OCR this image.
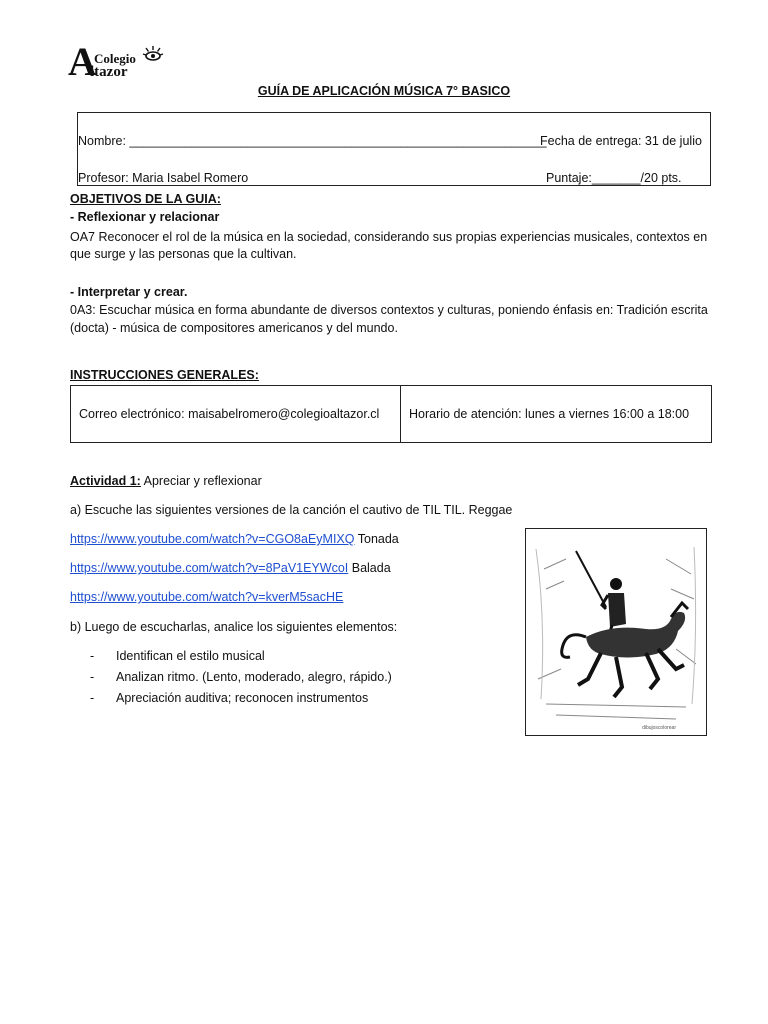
A
Colegio
ltazor
GUÍA DE APLICACIÓN MÚSICA 7° BASICO
Nombre: ____________________________________________________________
Fecha de entrega: 31 de julio
Profesor: Maria Isabel Romero	Puntaje:_______/20 pts.
OBJETIVOS DE LA GUIA:
- Reflexionar y relacionar
OA7 Reconocer el rol de la música en la sociedad, considerando sus propias experiencias musicales, contextos en
que surge y las personas que la cultivan.
- Interpretar y crear.
0A3: Escuchar música en forma abundante de diversos contextos y culturas, poniendo énfasis en: Tradición escrita
(docta) - música de compositores americanos y del mundo.
INSTRUCCIONES GENERALES:
Correo electrónico: maisabelromero@colegioaltazor.cl	Horario de atención: lunes a viernes 16:00 a 18:00
Actividad 1: Apreciar y reflexionar
a) Escuche las siguientes versiones de la canción el cautivo de TIL TIL. Reggae
https://www.youtube.com/watch?v=CGO8aEyMIXQ Tonada
https://www.youtube.com/watch?v=8PaV1EYWcoI Balada
https://www.youtube.com/watch?v=kverM5sacHE
b) Luego de escucharlas, analice los siguientes elementos:
- Identifican el estilo musical
- Analizan ritmo. (Lento, moderado, alegro, rápido.)
- Apreciación auditiva; reconocen instrumentos
dibujoscolorear
